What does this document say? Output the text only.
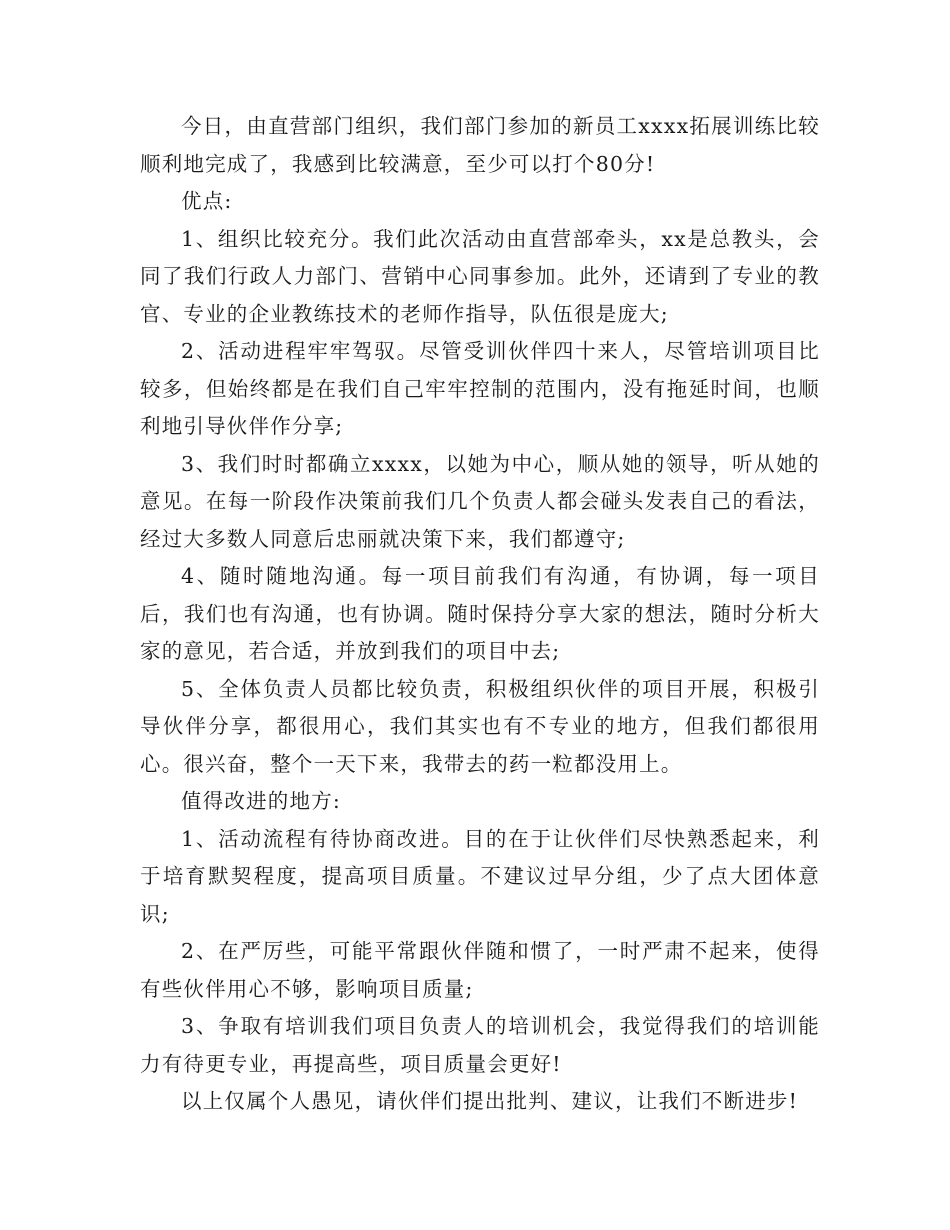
今日，由直营部门组织，我们部门参加的新员工xxxx拓展训练比较顺利地完成了，我感到比较满意，至少可以打个80分!

优点:

1、组织比较充分。我们此次活动由直营部牵头，xx是总教头，会同了我们行政人力部门、营销中心同事参加。此外，还请到了专业的教官、专业的企业教练技术的老师作指导，队伍很是庞大;

2、活动进程牢牢驾驭。尽管受训伙伴四十来人，尽管培训项目比较多，但始终都是在我们自己牢牢控制的范围内，没有拖延时间，也顺利地引导伙伴作分享;

3、我们时时都确立xxxx，以她为中心，顺从她的领导，听从她的意见。在每一阶段作决策前我们几个负责人都会碰头发表自己的看法，经过大多数人同意后忠丽就决策下来，我们都遵守;

4、随时随地沟通。每一项目前我们有沟通，有协调，每一项目后，我们也有沟通，也有协调。随时保持分享大家的想法，随时分析大家的意见，若合适，并放到我们的项目中去;

5、全体负责人员都比较负责，积极组织伙伴的项目开展，积极引导伙伴分享，都很用心，我们其实也有不专业的地方，但我们都很用心。很兴奋，整个一天下来，我带去的药一粒都没用上。

值得改进的地方:

1、活动流程有待协商改进。目的在于让伙伴们尽快熟悉起来，利于培育默契程度，提高项目质量。不建议过早分组，少了点大团体意识;

2、在严厉些，可能平常跟伙伴随和惯了，一时严肃不起来，使得有些伙伴用心不够，影响项目质量;

3、争取有培训我们项目负责人的培训机会，我觉得我们的培训能力有待更专业，再提高些，项目质量会更好!

以上仅属个人愚见，请伙伴们提出批判、建议，让我们不断进步!
